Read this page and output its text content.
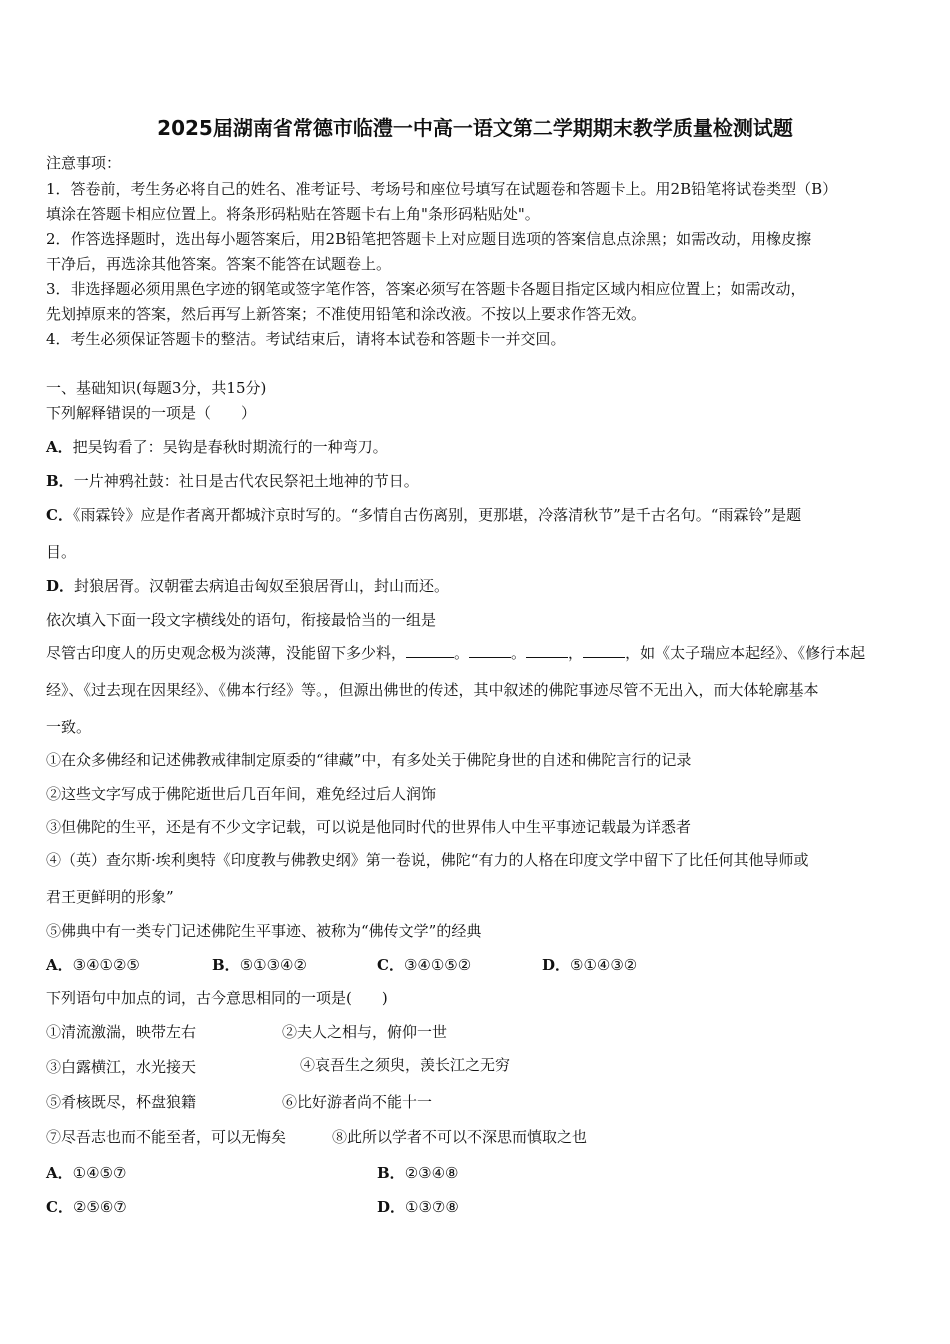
2025届湖南省常德市临澧一中高一语文第二学期期末教学质量检测试题
注意事项：
1．答卷前，考生务必将自己的姓名、准考证号、考场号和座位号填写在试题卷和答题卡上。用2B铅笔将试卷类型（B）
填涂在答题卡相应位置上。将条形码粘贴在答题卡右上角"条形码粘贴处"。
2．作答选择题时，选出每小题答案后，用2B铅笔把答题卡上对应题目选项的答案信息点涂黑；如需改动，用橡皮擦
干净后，再选涂其他答案。答案不能答在试题卷上。
3．非选择题必须用黑色字迹的钢笔或签字笔作答，答案必须写在答题卡各题目指定区域内相应位置上；如需改动，
先划掉原来的答案，然后再写上新答案；不准使用铅笔和涂改液。不按以上要求作答无效。
4．考生必须保证答题卡的整洁。考试结束后，请将本试卷和答题卡一并交回。
一、基础知识(每题3分，共15分)
下列解释错误的一项是（　　）
A．把吴钩看了：吴钩是春秋时期流行的一种弯刀。
B．一片神鸦社鼓：社日是古代农民祭祀土地神的节日。
C．《雨霖铃》应是作者离开都城汴京时写的。“多情自古伤离别，更那堪，冷落清秋节”是千古名句。“雨霖铃”是题
目。
D．封狼居胥。汉朝霍去病追击匈奴至狼居胥山，封山而还。
依次填入下面一段文字横线处的语句，衔接最恰当的一组是
尽管古印度人的历史观念极为淡薄，没能留下多少料，	。	。	，	，如《太子瑞应本起经》、《修行本起
经》、《过去现在因果经》、《佛本行经》等。，但源出佛世的传述，其中叙述的佛陀事迹尽管不无出入，而大体轮廓基本
一致。
①在众多佛经和记述佛教戒律制定原委的“律藏”中，有多处关于佛陀身世的自述和佛陀言行的记录
②这些文字写成于佛陀逝世后几百年间，难免经过后人润饰
③但佛陀的生平，还是有不少文字记载，可以说是他同时代的世界伟人中生平事迹记载最为详悉者
④（英）查尔斯·埃利奥特《印度教与佛教史纲》第一卷说，佛陀“有力的人格在印度文学中留下了比任何其他导师或
君王更鲜明的形象”
⑤佛典中有一类专门记述佛陀生平事迹、被称为“佛传文学”的经典
A．③④①②⑤	B．⑤①③④②	C．③④①⑤②	D．⑤①④③②
下列语句中加点的词，古今意思相同的一项是(　　)
①清流激湍，映带左右	②夫人之相与，俯仰一世
③白露横江，水光接天	④哀吾生之须臾，羡长江之无穷
⑤肴核既尽，杯盘狼籍	⑥比好游者尚不能十一
⑦尽吾志也而不能至者，可以无悔矣	⑧此所以学者不可以不深思而慎取之也
A．①④⑤⑦	B．②③④⑧
C．②⑤⑥⑦	D．①③⑦⑧
